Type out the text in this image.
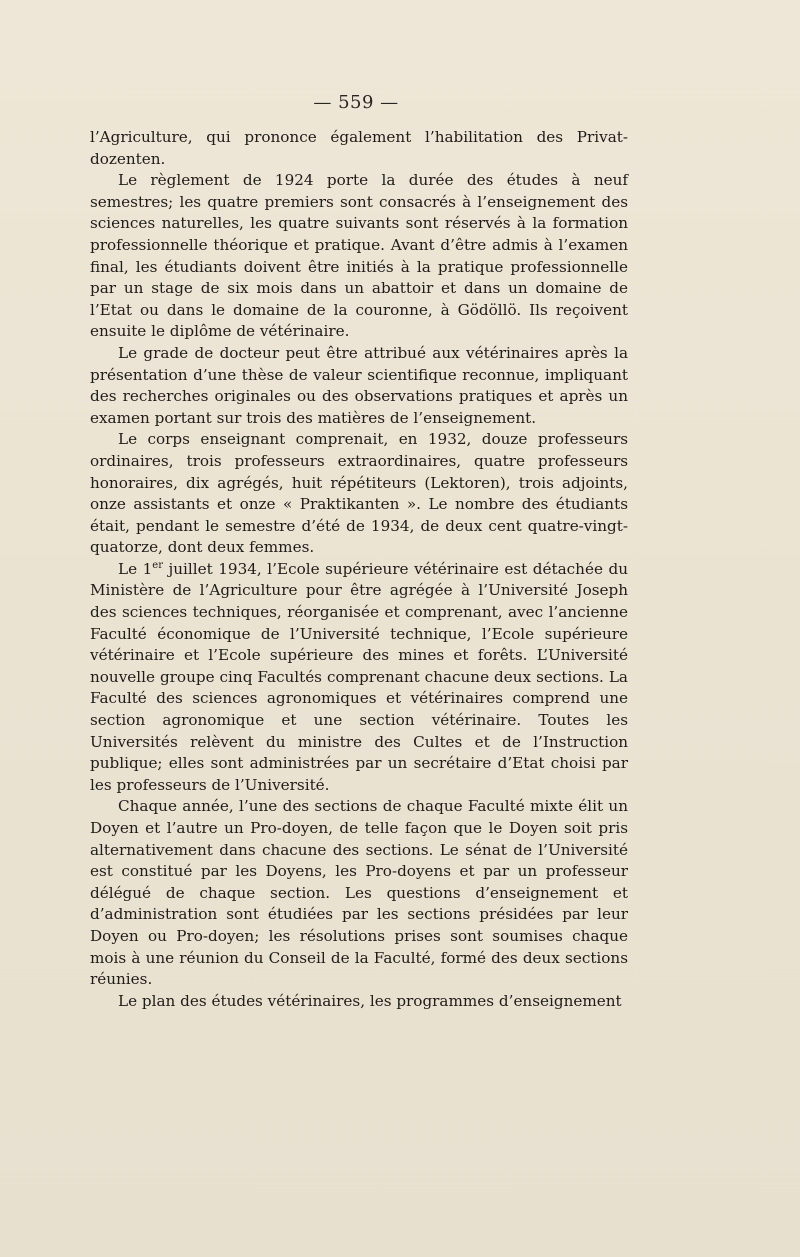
— 559 —

l’Agriculture, qui prononce également l’habilitation des Privat-dozenten.

Le règlement de 1924 porte la durée des études à neuf semestres; les quatre premiers sont consacrés à l’enseignement des sciences naturelles, les quatre suivants sont réservés à la formation professionnelle théorique et pratique. Avant d’être admis à l’examen final, les étudiants doivent être initiés à la pratique professionnelle par un stage de six mois dans un abattoir et dans un domaine de l’Etat ou dans le domaine de la couronne, à Gödöllö. Ils reçoivent ensuite le diplôme de vétérinaire.

Le grade de docteur peut être attribué aux vétérinaires après la présentation d’une thèse de valeur scientifique reconnue, impliquant des recherches originales ou des observations pratiques et après un examen portant sur trois des matières de l’enseignement.

Le corps enseignant comprenait, en 1932, douze professeurs ordinaires, trois professeurs extraordinaires, quatre professeurs honoraires, dix agrégés, huit répétiteurs (Lektoren), trois adjoints, onze assistants et onze « Praktikanten ». Le nombre des étudiants était, pendant le semestre d’été de 1934, de deux cent quatre-vingt-quatorze, dont deux femmes.

Le 1er juillet 1934, l’Ecole supérieure vétérinaire est détachée du Ministère de l’Agriculture pour être agrégée à l’Université Joseph des sciences techniques, réorganisée et comprenant, avec l’ancienne Faculté économique de l’Université technique, l’Ecole supérieure vétérinaire et l’Ecole supérieure des mines et forêts. L’Université nouvelle groupe cinq Facultés comprenant chacune deux sections. La Faculté des sciences agronomiques et vétérinaires comprend une section agronomique et une section vétérinaire. Toutes les Universités relèvent du ministre des Cultes et de l’Instruction publique; elles sont administrées par un secrétaire d’Etat choisi par les professeurs de l’Université.

Chaque année, l’une des sections de chaque Faculté mixte élit un Doyen et l’autre un Pro-doyen, de telle façon que le Doyen soit pris alternativement dans chacune des sections. Le sénat de l’Université est constitué par les Doyens, les Pro-doyens et par un professeur délégué de chaque section. Les questions d’enseignement et d’administration sont étudiées par les sections présidées par leur Doyen ou Pro-doyen; les résolutions prises sont soumises chaque mois à une réunion du Conseil de la Faculté, formé des deux sections réunies.

Le plan des études vétérinaires, les programmes d’enseignement
